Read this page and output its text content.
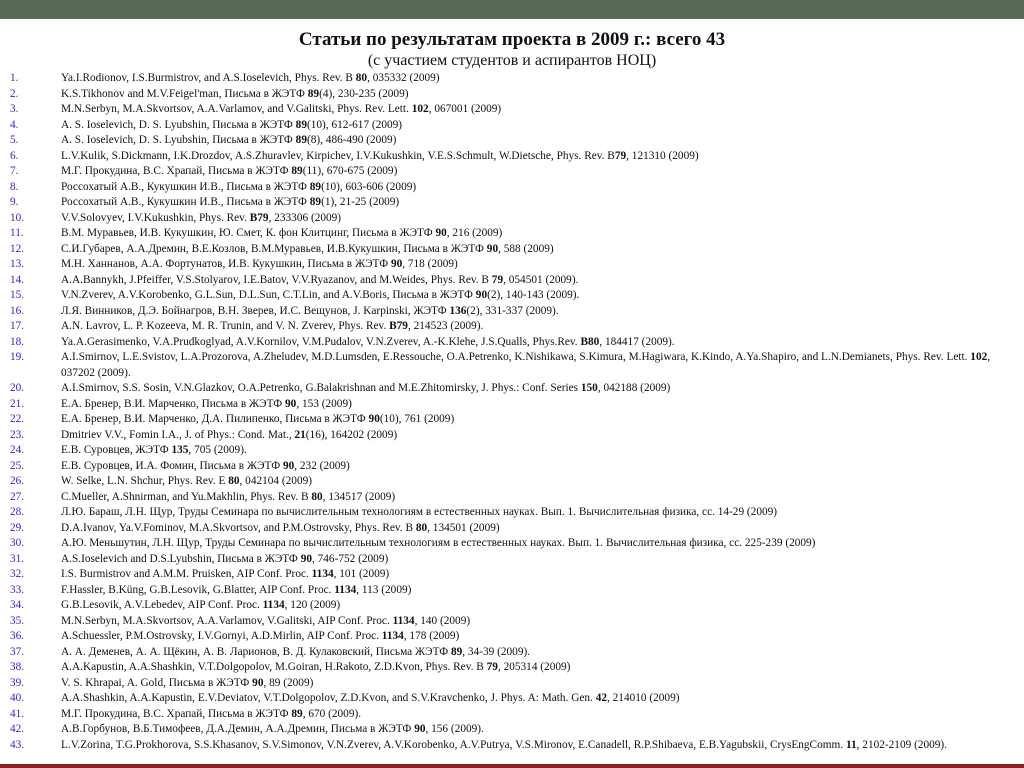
Статьи по результатам проекта в 2009 г.: всего 43
(с участием студентов и аспирантов НОЦ)
1.	Ya.I.Rodionov, I.S.Burmistrov, and A.S.Ioselevich, Phys. Rev. B 80, 035332 (2009)
2.	K.S.Tikhonov and M.V.Feigel'man, Письма в ЖЭТФ 89(4), 230-235 (2009)
3.	M.N.Serbyn, M.A.Skvortsov, A.A.Varlamov, and V.Galitski, Phys. Rev. Lett. 102, 067001 (2009)
4.	A. S. Ioselevich, D. S. Lyubshin, Письма в ЖЭТФ 89(10), 612-617 (2009)
5.	A. S. Ioselevich, D. S. Lyubshin, Письма в ЖЭТФ 89(8), 486-490 (2009)
6.	L.V.Kulik, S.Dickmann, I.K.Drozdov, A.S.Zhuravlev, Kirpichev, I.V.Kukushkin, V.E.S.Schmult, W.Dietsche, Phys. Rev. B79, 121310 (2009)
7.	М.Г. Прокудина, В.С. Храпай, Письма в ЖЭТФ 89(11), 670-675 (2009)
8.	Россохатый А.В., Кукушкин И.В., Письма в ЖЭТФ 89(10), 603-606 (2009)
9.	Россохатый А.В., Кукушкин И.В., Письма в ЖЭТФ 89(1), 21-25 (2009)
10.	V.V.Solovyev, I.V.Kukushkin, Phys. Rev. B79, 233306 (2009)
11.	В.М. Муравьев, И.В. Кукушкин, Ю. Смет, К. фон Клитцинг, Письма в ЖЭТФ 90, 216 (2009)
12.	С.И.Губарев, А.А.Дремин, В.Е.Козлов, В.М.Муравьев, И.В.Кукушкин, Письма в ЖЭТФ 90, 588 (2009)
13.	М.Н. Ханнанов, А.А. Фортунатов, И.В. Кукушкин, Письма в ЖЭТФ 90, 718 (2009)
14.	A.A.Bannykh, J.Pfeiffer, V.S.Stolyarov, I.E.Batov, V.V.Ryazanov, and M.Weides, Phys. Rev. B 79, 054501 (2009).
15.	V.N.Zverev, A.V.Korobenko, G.L.Sun, D.L.Sun, C.T.Lin, and A.V.Boris, Письма в ЖЭТФ 90(2), 140-143 (2009).
16.	Л.Я. Винников, Д.Э. Бойнагров, В.Н. Зверев, И.С. Вещунов, J. Karpinski, ЖЭТФ 136(2), 331-337 (2009).
17.	A.N. Lavrov, L. P. Kozeeva, M. R. Trunin, and V. N. Zverev, Phys. Rev. B79, 214523 (2009).
18.	Ya.A.Gerasimenko, V.A.Prudkoglyad, A.V.Kornilov, V.M.Pudalov, V.N.Zverev, A.-K.Klehe, J.S.Qualls, Phys.Rev. B80, 184417 (2009).
19.	A.I.Smirnov, L.E.Svistov, L.A.Prozorova, A.Zheludev, M.D.Lumsden, E.Ressouche, O.A.Petrenko, K.Nishikawa, S.Kimura, M.Hagiwara, K.Kindo, A.Ya.Shapiro, and L.N.Demianets, Phys. Rev. Lett. 102, 037202 (2009).
20.	A.I.Smirnov, S.S. Sosin, V.N.Glazkov, O.A.Petrenko, G.Balakrishnan and M.E.Zhitomirsky, J. Phys.: Conf. Series 150, 042188 (2009)
21.	Е.А. Бренер, В.И. Марченко, Письма в ЖЭТФ 90, 153 (2009)
22.	Е.А. Бренер, В.И. Марченко, Д.А. Пилипенко, Письма в ЖЭТФ 90(10), 761 (2009)
23.	Dmitriev V.V., Fomin I.A., J. of Phys.: Cond. Mat., 21(16), 164202 (2009)
24.	Е.В. Суровцев, ЖЭТФ 135, 705 (2009).
25.	Е.В. Суровцев, И.А. Фомин, Письма в ЖЭТФ 90, 232 (2009)
26.	W. Selke, L.N. Shchur, Phys. Rev. E 80, 042104 (2009)
27.	C.Mueller, A.Shnirman, and Yu.Makhlin, Phys. Rev. B 80, 134517 (2009)
28.	Л.Ю. Бараш, Л.Н. Щур, Труды Семинара по вычислительным технологиям в естественных науках. Вып. 1. Вычислительная физика, сс. 14-29 (2009)
29.	D.A.Ivanov, Ya.V.Fominov, M.A.Skvortsov, and P.M.Ostrovsky, Phys. Rev. B 80, 134501 (2009)
30.	А.Ю. Меньшутин, Л.Н. Щур, Труды Семинара по вычислительным технологиям в естественных науках. Вып. 1. Вычислительная физика, сс. 225-239 (2009)
31.	A.S.Ioselevich and D.S.Lyubshin, Письма в ЖЭТФ 90, 746-752 (2009)
32.	I.S. Burmistrov and A.M.M. Pruisken, AIP Conf. Proc. 1134, 101 (2009)
33.	F.Hassler, B.Küng, G.B.Lesovik, G.Blatter, AIP Conf. Proc. 1134, 113 (2009)
34.	G.B.Lesovik, A.V.Lebedev, AIP Conf. Proc. 1134, 120 (2009)
35.	M.N.Serbyn, M.A.Skvortsov, A.A.Varlamov, V.Galitski, AIP Conf. Proc. 1134, 140 (2009)
36.	A.Schuessler, P.M.Ostrovsky, I.V.Gornyi, A.D.Mirlin, AIP Conf. Proc. 1134, 178 (2009)
37.	А. А. Деменев, А. А. Щёкин, А. В. Ларионов, В. Д. Кулаковский, Письма ЖЭТФ 89, 34-39 (2009).
38.	A.A.Kapustin, A.A.Shashkin, V.T.Dolgopolov, M.Goiran, H.Rakoto, Z.D.Kvon, Phys. Rev. B 79, 205314 (2009)
39.	V. S. Khrapai, A. Gold, Письма в ЖЭТФ 90, 89 (2009)
40.	A.A.Shashkin, A.A.Kapustin, E.V.Deviatov, V.T.Dolgopolov, Z.D.Kvon, and S.V.Kravchenko, J. Phys. A: Math. Gen. 42, 214010 (2009)
41.	М.Г. Прокудина, В.С. Храпай, Письма в ЖЭТФ 89, 670 (2009).
42.	А.В.Горбунов, В.Б.Тимофеев, Д.А.Демин, А.А.Дремин, Письма в ЖЭТФ 90, 156 (2009).
43.	L.V.Zorina, T.G.Prokhorova, S.S.Khasanov, S.V.Simonov, V.N.Zverev, A.V.Korobenko, A.V.Putrya, V.S.Mironov, E.Canadell, R.P.Shibaeva, E.B.Yagubskii, CrysEngComm. 11, 2102-2109 (2009).
